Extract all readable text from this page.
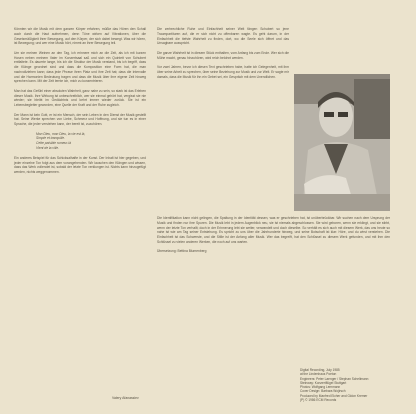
Könnten wir die Musik mit dem ganzen Körper erfahren, müßte das Hören den Schall auch durch die Haut aufnehmen, denn Töne wirken auf Vibrationen, über die Gesetzmäßigkeit ihrer Bewegung, auf den Körper, der sich dabei bewegt. Was wir hören, ist Bewegung; und wer eine Musik hört, nimmt an ihrer Bewegung teil.

Um sie meinen Weinen an den Tag, ich erinnere mich an die Zeit, als ich mit kurzen Hosen neben meinem Vater im Konzertsaal saß und sich ein Quintett von Schubert entfaltete. Es dauerte lange, bis ich die Struktur der Musik verstand, bis ich begriff, dass die Klänge geordnet sind und dass die Komposition eine Form hat, die man nachvollziehen kann; dass jede Phrase ihren Platz und ihre Zeit hat; dass die Intervalle und die Harmonien Bedeutung tragen und dass die Musik über ihre eigene Zeit hinweg sprechen kann. Mit der Zeit lernte ich, mich zu konzentrieren.

Man hat das Gefühl einer absoluten Wahrheit, ganz nahe zu sein, so stark ist das Erleben dieser Musik. Ihre Wirkung ist unbeschreiblich, wer sie einmal gehört hat, vergisst sie nie wieder; sie bleibt im Gedächtnis und kehrt immer wieder zurück. Sie ist ein Lebensbegleiter geworden, eine Quelle der Kraft und der Ruhe zugleich.

Der Mann ist kein Gott, er ist ein Mensch, der sein Leben in den Dienst der Musik gestellt hat. Seine Werke sprechen von Liebe, Schmerz und Hoffnung, und sie tun es in einer Sprache, die jeder verstehen kann, der bereit ist, zuzuhören.

Mon Dieu, mon Dieu, la vie est là,
Simple et tranquille.
Cette paisible rumeur-là
Vient de la ville.

Ein anderes Beispiel für das Schicksalhafte in der Kunst. Der Inhalt ist hier gegeben, und jeder einzelne Ton folgt aus dem vorangehenden. Wir lauschen den Klängen und wissen, dass das Werk vollendet ist, sobald der letzte Ton verklungen ist. Nichts kann hinzugefügt werden, nichts weggenommen.

Die zerbrechliche Ruhe und Einfachheit seiner Welt fängen Schubert so jene Traumpartituren auf, die er sich nicht zu offenbaren wagte. Es geht darum, in der Einfachheit die tiefste Wahrheit zu finden, dort, wo die Seele sich öffnet und das Unsagbare ausspricht.

Die ganze Wahrheit ist in diesem Stück enthalten, vom Anfang bis zum Ende. Wer sich die Mühe macht, genau hinzuhören, wird reich belohnt werden.

Vor zwei Jahren, bevor ich diesen Text geschrieben habe, hatte ich Gelegenheit, mit ihm über seine Arbeit zu sprechen, über seine Beziehung zur Musik und zur Welt. Er sagte mir damals, dass die Musik für ihn ein Gebet sei, ein Gespräch mit dem Unendlichen.

Die Identifikation kann nicht gelingen, die Spaltung in der Identität dessen, was er geschrieben hat, ist unüberbrückbar. Wir suchen nach dem Ursprung der Musik und finden nur ihre Spuren. Die Musik lebt in jedem Augenblick neu, sie ist niemals abgeschlossen. Sie wird geboren, wenn sie erklingt, und sie stirbt, wenn der letzte Ton verhallt; doch in der Erinnerung lebt sie weiter, verwandelt und doch dieselbe. So verhält es sich auch mit diesem Werk, das uns heute so nahe ist wie am Tag seiner Entstehung. Es spricht zu uns über die Jahrhunderte hinweg, und seine Botschaft ist klar: Höre, und du wirst verstehen. Die Einfachheit ist das Schwerste, und die Stille ist der Anfang aller Musik. Wer das begreift, hat den Schlüssel zu diesem Werk gefunden, und mit ihm den Schlüssel zu vielen anderen Werken, die noch auf uns warten.

Übersetzung: Bettina Blumenberg

Valery Afanassiev
Digital Recording, July 1985
at the Lindenhaus Poeton
Engineers: Peter Laenger / Stephan Schellmann
Steinway: Konzertflügel Stuttgart
Photos: Wolfgang Lemmann
Cover Design: Barbara Wojirsch
Produced by Manfred Eicher and Gidon Kremer
(P) © 1986 ECM Records
